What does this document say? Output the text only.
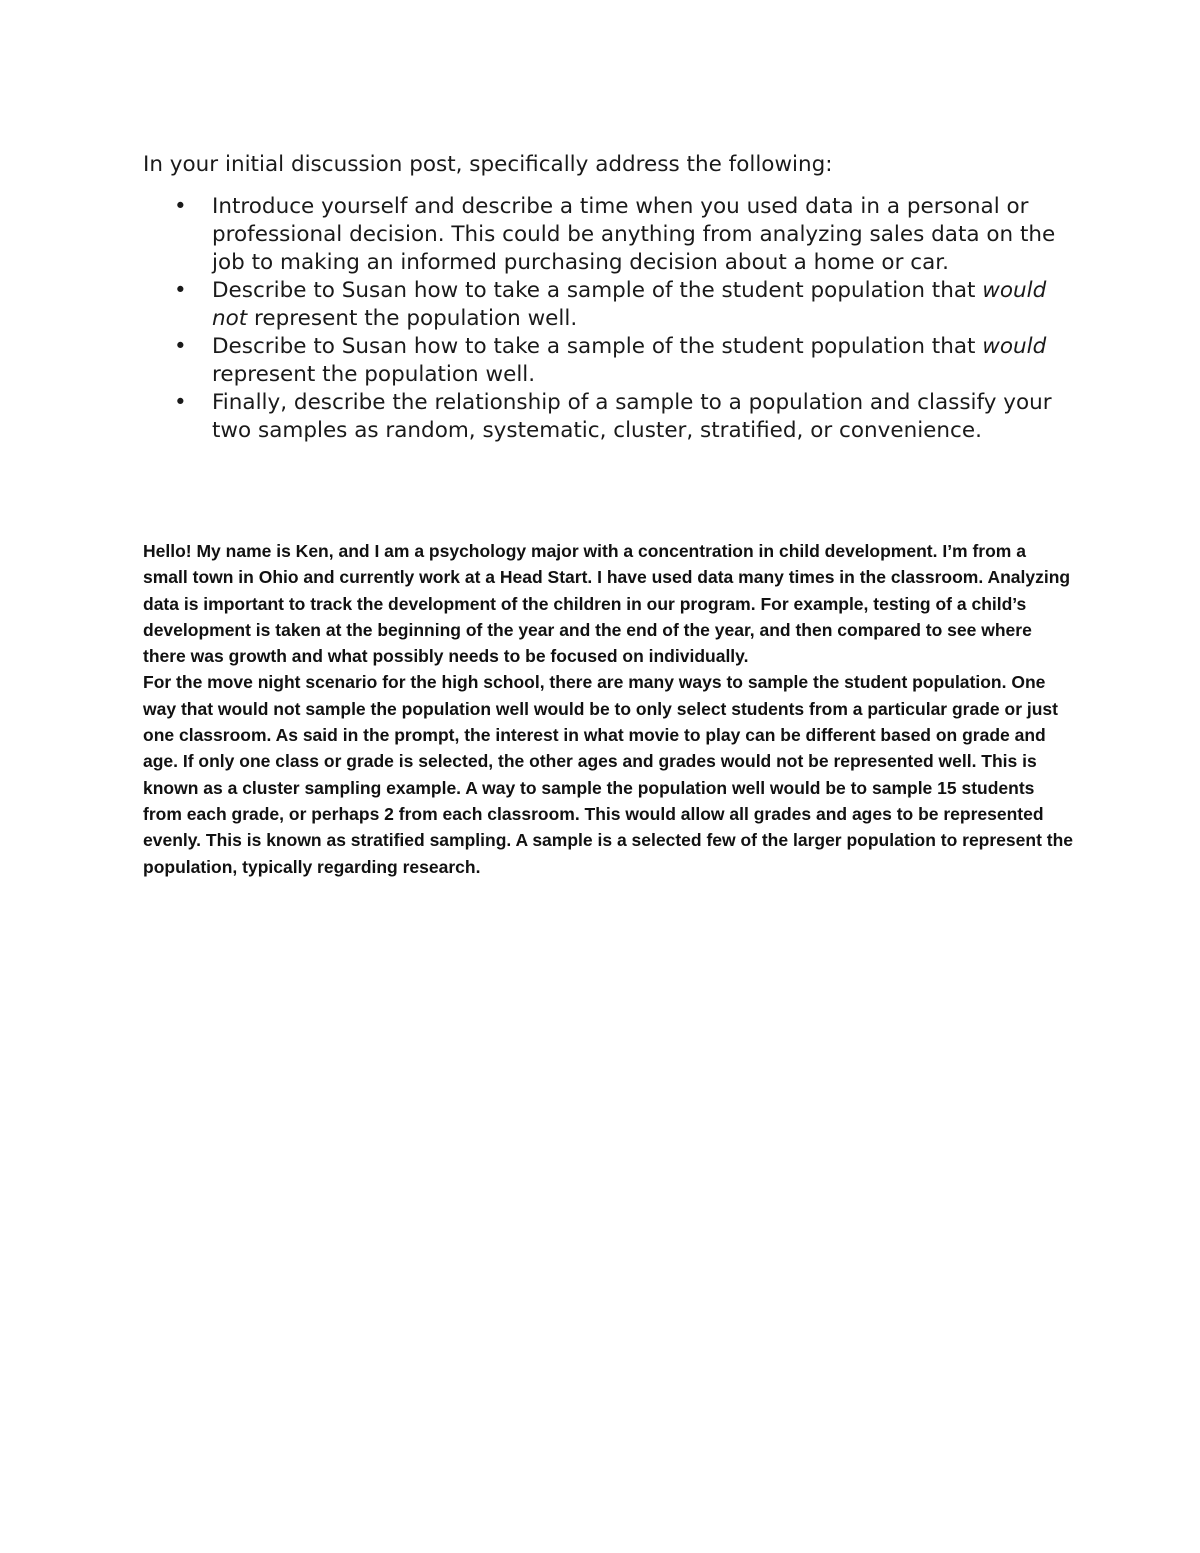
In your initial discussion post, specifically address the following:

• Introduce yourself and describe a time when you used data in a personal or professional decision. This could be anything from analyzing sales data on the job to making an informed purchasing decision about a home or car.
• Describe to Susan how to take a sample of the student population that would not represent the population well.
• Describe to Susan how to take a sample of the student population that would represent the population well.
• Finally, describe the relationship of a sample to a population and classify your two samples as random, systematic, cluster, stratified, or convenience.

Hello! My name is Ken, and I am a psychology major with a concentration in child development. I’m from a small town in Ohio and currently work at a Head Start. I have used data many times in the classroom. Analyzing data is important to track the development of the children in our program. For example, testing of a child’s development is taken at the beginning of the year and the end of the year, and then compared to see where there was growth and what possibly needs to be focused on individually.

For the move night scenario for the high school, there are many ways to sample the student population. One way that would not sample the population well would be to only select students from a particular grade or just one classroom. As said in the prompt, the interest in what movie to play can be different based on grade and age. If only one class or grade is selected, the other ages and grades would not be represented well. This is known as a cluster sampling example. A way to sample the population well would be to sample 15 students from each grade, or perhaps 2 from each classroom. This would allow all grades and ages to be represented evenly. This is known as stratified sampling. A sample is a selected few of the larger population to represent the population, typically regarding research.
